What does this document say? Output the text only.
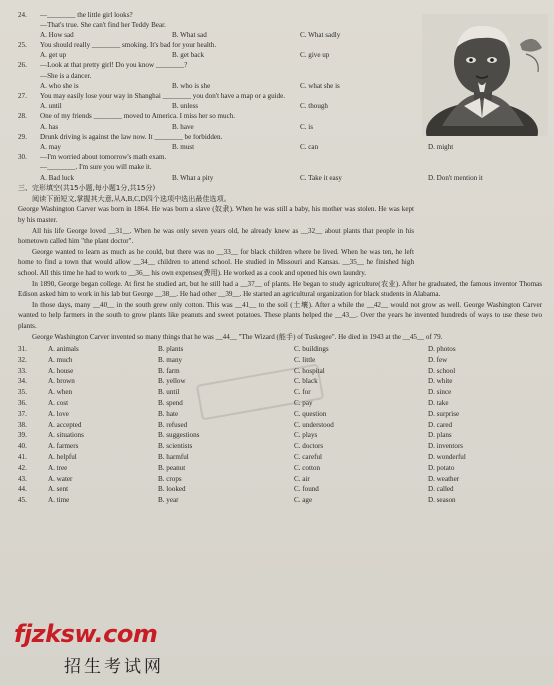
24.	—________ the little girl looks?
—That's true. She can't find her Teddy Bear.
A. How sad	B. What sad	C. What sadly
25.	You should really ________ smoking. It's bad for your health.
A. get up	B. get back	C. give up
26.	—Look at that pretty girl! Do you know ________?
—She is a dancer.
A. who she is	B. who is she	C. what she is
27.	You may easily lose your way in Shanghai ________ you don't have a map or a guide.
A. until	B. unless	C. though
28.	One of my friends ________ moved to America. I miss her so much.
A. has	B. have	C. is
29.	Drunk driving is against the law now. It ________ be forbidden.
A. may	B. must	C. can	D. might
30.	—I'm worried about tomorrow's math exam.
—________. I'm sure you will make it.
A. Bad luck	B. What a pity	C. Take it easy	D. Don't mention it
三、完形填空(共15小题,每小题1分,共15分)
阅读下面短文,掌握其大意,从A,B,C,D四个选项中选出最佳选项。

George Washington Carver was born in 1864. He was born a slave (奴隶). When he was still a baby, his mother was stolen. He was kept by his master.

All his life George loved __31__. When he was only seven years old, he already knew as __32__ about plants that people in his hometown called him "the plant doctor".

George wanted to learn as much as he could, but there was no __33__ for black children where he lived. When he was ten, he left home to find a town that would allow __34__ children to attend school. He studied in Missouri and Kansas. __35__ he finished high school. All this time he had to work to __36__ his own expenses(费用). He worked as a cook and opened his own laundry.

In 1890, George began college. At first he studied art, but he still had a __37__ of plants. He began to study agriculture(农业). After he graduated, the famous inventor Thomas Edison asked him to work in his lab but George __38__. He had other __39__. He started an agricultural organization for black students in Alabama.

In those days, many __40__ in the south grew only cotton. This was __41__ to the soil (土壤). After a while the __42__ would not grow as well. George Washington Carver wanted to help farmers in the south to grow plants like peanuts and sweet potatoes. These plants helped the __43__. Over the years he invented hundreds of ways to use these two plants.

George Washington Carver invented so many things that he was __44__ "The Wizard (能手) of Tuskegee". He died in 1943 at the __45__ of 79.

31.	A. animals	B. plants	C. buildings	D. photos
32.	A. much	B. many	C. little	D. few
33.	A. house	B. farm	C. hospital	D. school
34.	A. brown	B. yellow	C. black	D. white
35.	A. when	B. until	C. for	D. since
36.	A. cost	B. spend	C. pay	D. take
37.	A. love	B. hate	C. question	D. surprise
38.	A. accepted	B. refused	C. understood	D. cared
39.	A. situations	B. suggestions	C. plays	D. plans
40.	A. farmers	B. scientists	C. doctors	D. inventors
41.	A. helpful	B. harmful	C. careful	D. wonderful
42.	A. tree	B. peanut	C. cotton	D. potato
43.	A. water	B. crops	C. air	D. weather
44.	A. sent	B. looked	C. found	D. called
45.	A. time	B. year	C. age	D. season
fjzksw.com
招生考试网
